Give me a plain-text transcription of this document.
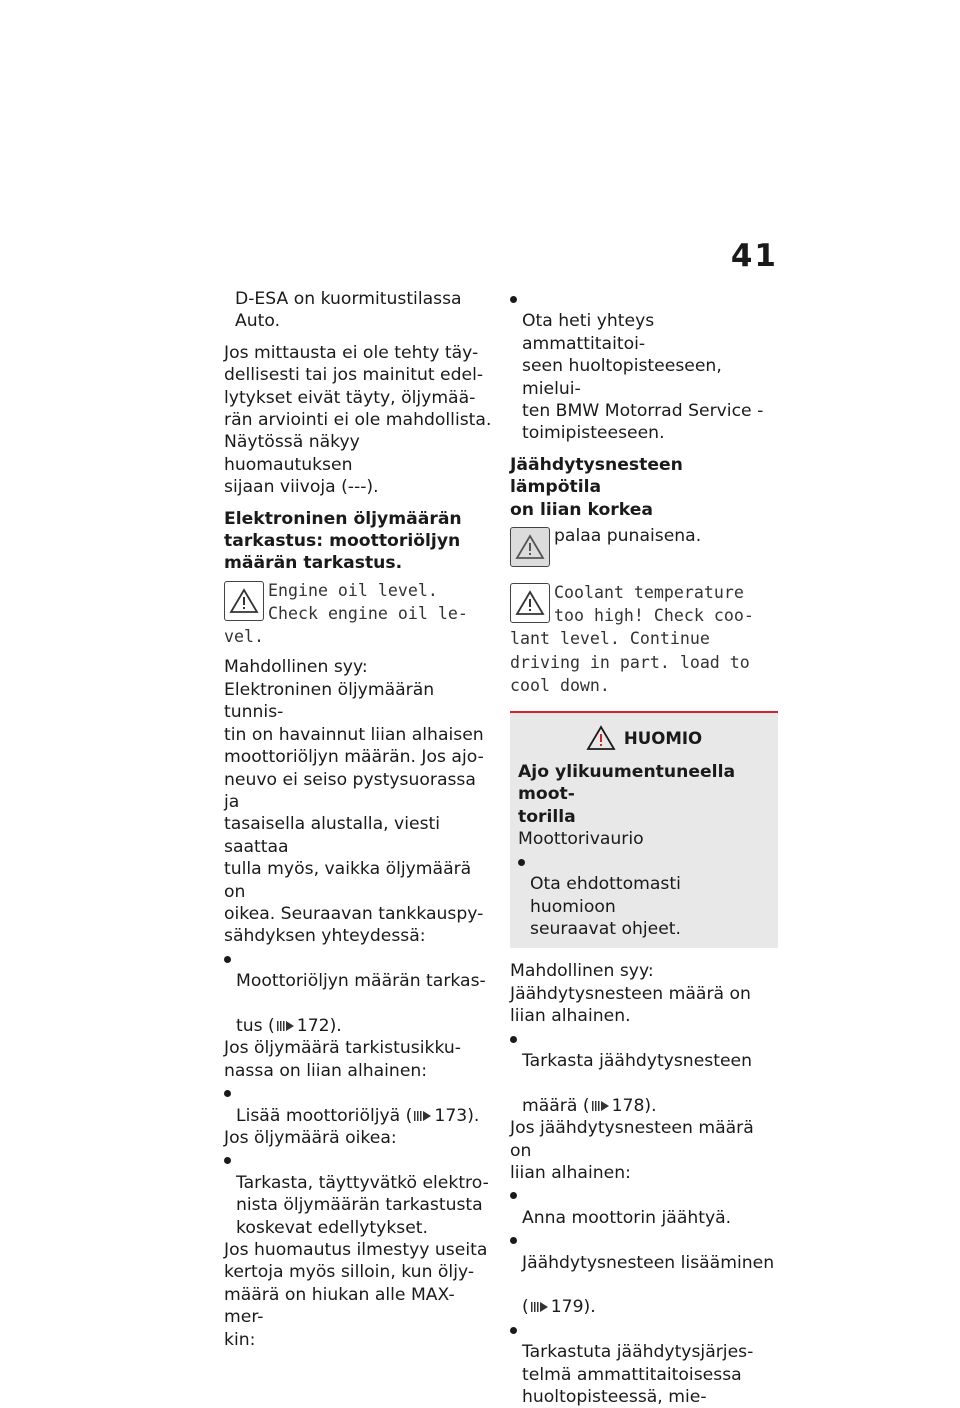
41
D-ESA on kuormitustilassa
Auto.
Jos mittausta ei ole tehty täy-
dellisesti tai jos mainitut edel-
lytykset eivät täyty, öljymää-
rän arviointi ei ole mahdollista.
Näytössä näkyy huomautuksen
sijaan viivoja (---).
Elektroninen öljymäärän
tarkastus: moottoriöljyn
määrän tarkastus.
Engine oil level.
Check engine oil le-
vel.
Mahdollinen syy:
Elektroninen öljymäärän tunnis-
tin on havainnut liian alhaisen
moottoriöljyn määrän. Jos ajo-
neuvo ei seiso pystysuorassa ja
tasaisella alustalla, viesti saattaa
tulla myös, vaikka öljymäärä on
oikea. Seuraavan tankkauspy-
sähdyksen yhteydessä:

Moottoriöljyn määrän tarkas-

tus ( 172).

Jos öljymäärä tarkistusikku-
nassa on liian alhainen:

Lisää moottoriöljyä ( 173).

Jos öljymäärä oikea:

Tarkasta, täyttyvätkö elektro-
nista öljymäärän tarkastusta
koskevat edellytykset.

Jos huomautus ilmestyy useita
kertoja myös silloin, kun öljy-
määrä on hiukan alle MAX-mer-
kin:

Ota heti yhteys ammattitaitoi-
seen huoltopisteeseen, mielui-
ten BMW Motorrad Service -
toimipisteeseen.

Jäähdytysnesteen lämpötila
on liian korkea
palaa punaisena.
Coolant temperature
too high! Check coo-
lant level. Continue
driving in part. load to
cool down.
HUOMIO
Ajo ylikuumentuneella moot-
torilla
Moottorivaurio

Ota ehdottomasti huomioon
seuraavat ohjeet.

Mahdollinen syy:
Jäähdytysnesteen määrä on
liian alhainen.

Tarkasta jäähdytysnesteen

määrä ( 178).

Jos jäähdytysnesteen määrä on
liian alhainen:

Anna moottorin jäähtyä.

Jäähdytysnesteen lisääminen

( 179).

Tarkastuta jäähdytysjärjes-
telmä ammattitaitoisessa
huoltopisteessä, mie-
